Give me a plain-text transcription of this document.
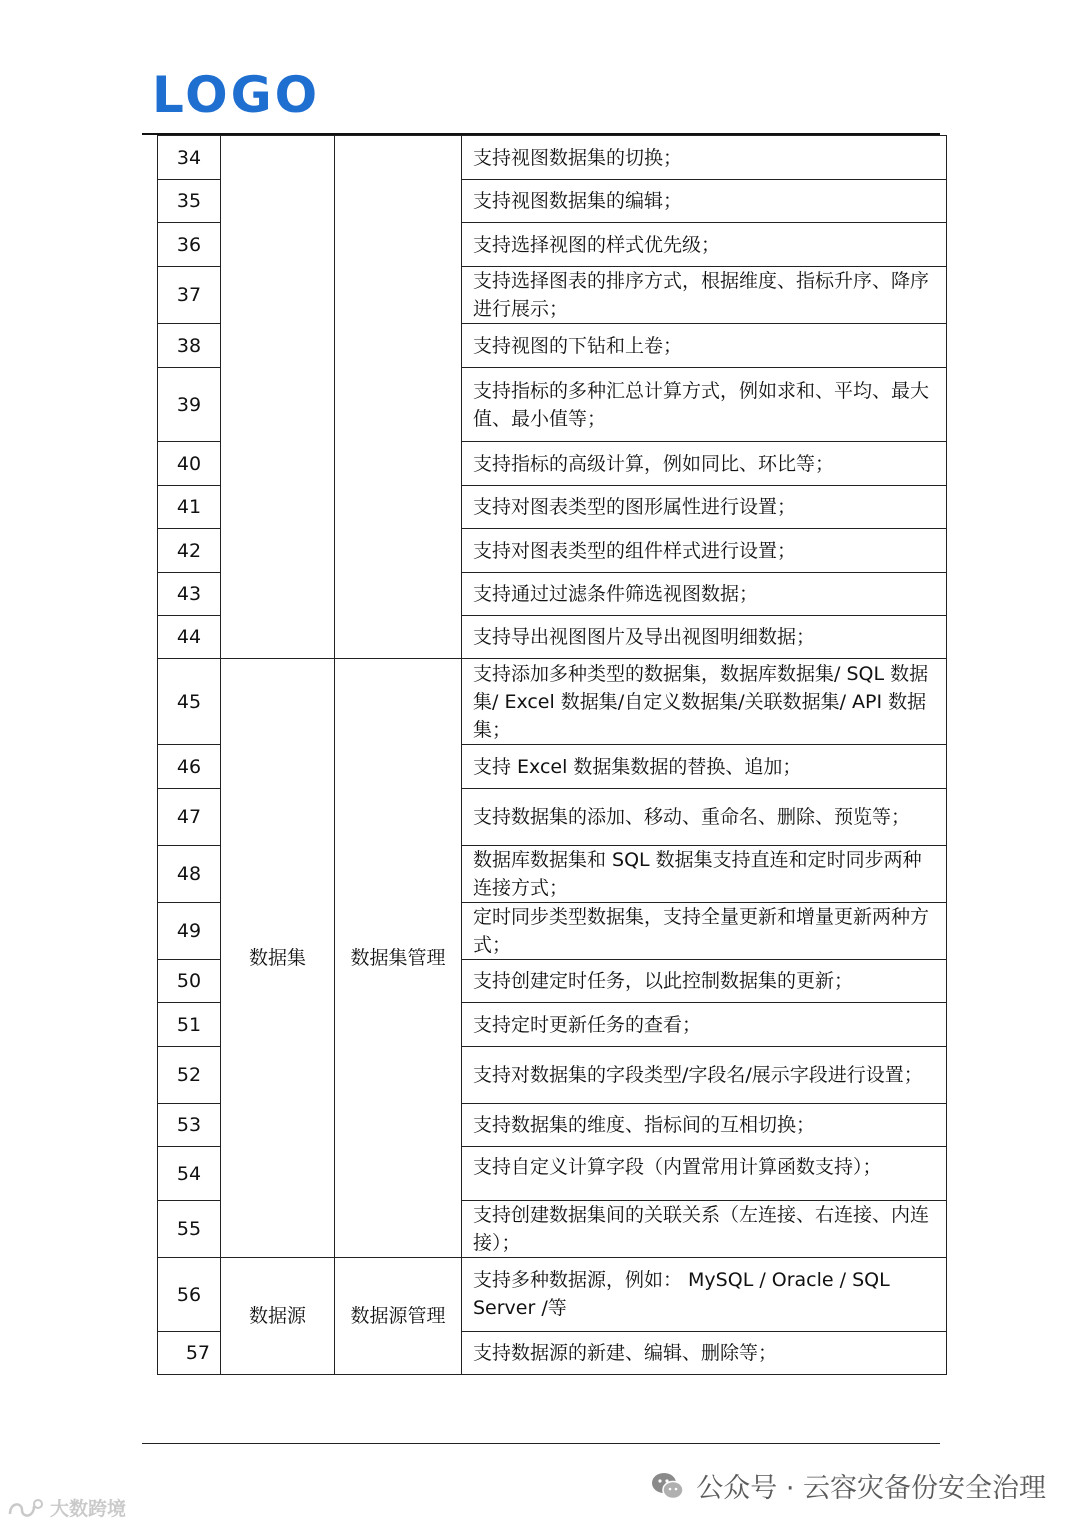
LOGO
34			支持视图数据集的切换；
35			支持视图数据集的编辑；
36			支持选择视图的样式优先级；
37			支持选择图表的排序方式，根据维度、指标升序、降序进行展示；
38			支持视图的下钻和上卷；
39			支持指标的多种汇总计算方式，例如求和、平均、最大值、最小值等；
40			支持指标的高级计算，例如同比、环比等；
41			支持对图表类型的图形属性进行设置；
42			支持对图表类型的组件样式进行设置；
43			支持通过过滤条件筛选视图数据；
44			支持导出视图图片及导出视图明细数据；
45	数据集	数据集管理	支持添加多种类型的数据集，数据库数据集/ SQL 数据集/ Excel 数据集/自定义数据集/关联数据集/ API 数据集；
46			支持 Excel 数据集数据的替换、追加；
47			支持数据集的添加、移动、重命名、删除、预览等；
48			数据库数据集和 SQL 数据集支持直连和定时同步两种连接方式；
49			定时同步类型数据集，支持全量更新和增量更新两种方式；
50			支持创建定时任务，以此控制数据集的更新；
51			支持定时更新任务的查看；
52			支持对数据集的字段类型/字段名/展示字段进行设置；
53			支持数据集的维度、指标间的互相切换；
54			支持自定义计算字段（内置常用计算函数支持）；
55			支持创建数据集间的关联关系（左连接、右连接、内连接）；
56	数据源	数据源管理	支持多种数据源，例如： MySQL / Oracle / SQL Server /等
57			支持数据源的新建、编辑、删除等；
公众号 · 云容灾备份安全治理
大数跨境
